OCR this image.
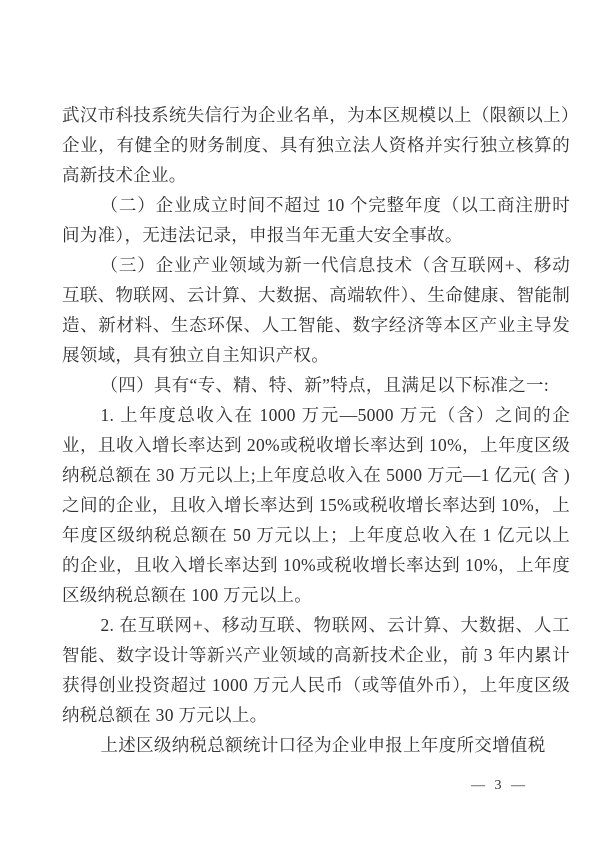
武汉市科技系统失信行为企业名单，为本区规模以上（限额以上）企业，有健全的财务制度、具有独立法人资格并实行独立核算的高新技术企业。

（二）企业成立时间不超过 10 个完整年度（以工商注册时间为准），无违法记录，申报当年无重大安全事故。

（三）企业产业领域为新一代信息技术（含互联网+、移动互联、物联网、云计算、大数据、高端软件）、生命健康、智能制造、新材料、生态环保、人工智能、数字经济等本区产业主导发展领域，具有独立自主知识产权。

（四）具有“专、精、特、新”特点，且满足以下标准之一:

1. 上年度总收入在 1000 万元—5000 万元（含）之间的企业，且收入增长率达到 20%或税收增长率达到 10%，上年度区级纳税总额在 30 万元以上;上年度总收入在 5000 万元—1 亿元( 含 )之间的企业，且收入增长率达到 15%或税收增长率达到 10%，上年度区级纳税总额在 50 万元以上；上年度总收入在 1 亿元以上的企业，且收入增长率达到 10%或税收增长率达到 10%，上年度区级纳税总额在 100 万元以上。

2. 在互联网+、移动互联、物联网、云计算、大数据、人工智能、数字设计等新兴产业领域的高新技术企业，前 3 年内累计获得创业投资超过 1000 万元人民币（或等值外币），上年度区级纳税总额在 30 万元以上。

上述区级纳税总额统计口径为企业申报上年度所交增值税

— 3 —
